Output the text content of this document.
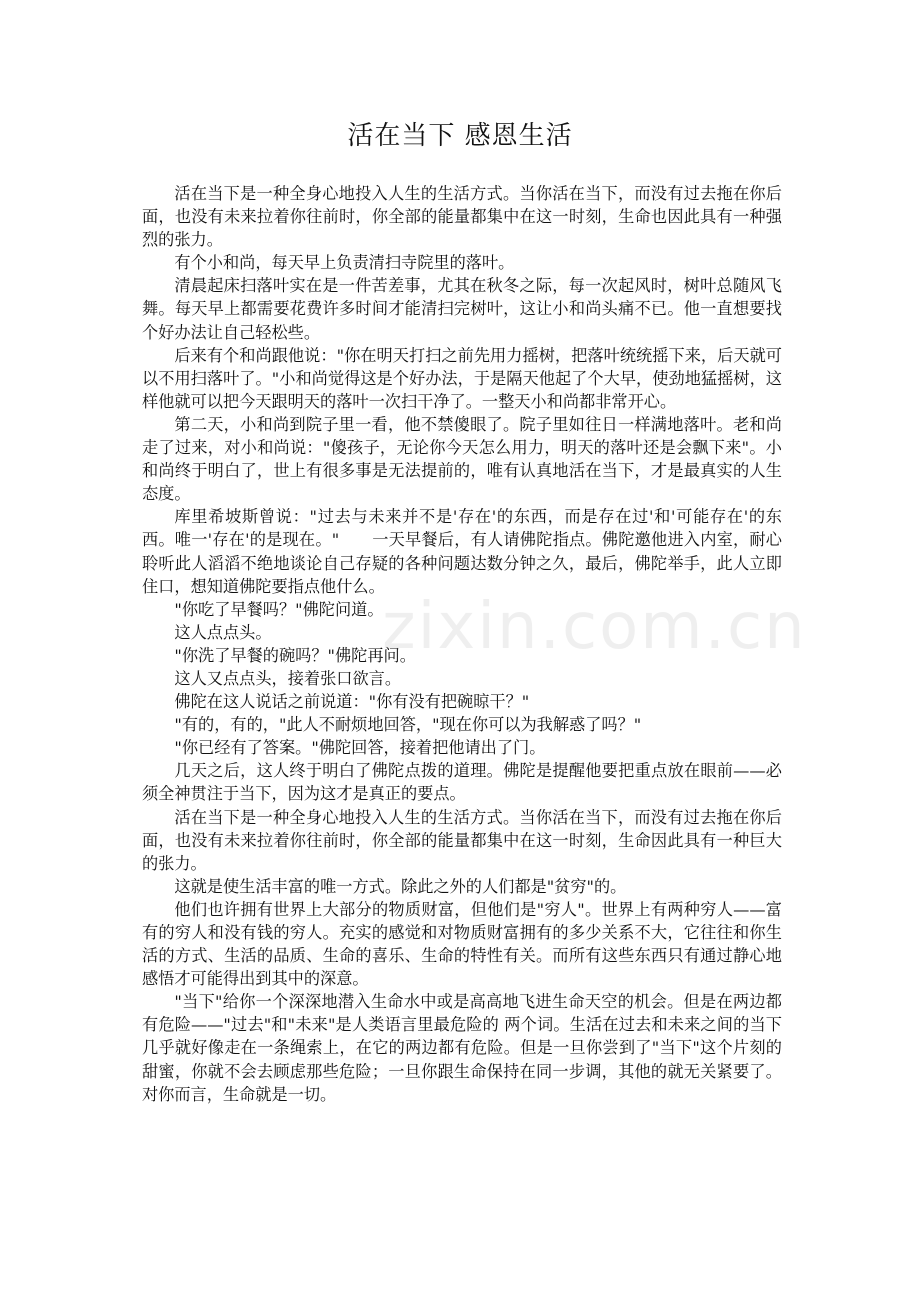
活在当下 感恩生活
zixin.com.cn

活在当下是一种全身心地投入人生的生活方式。当你活在当下，而没有过去拖在你后面，也没有未来拉着你往前时，你全部的能量都集中在这一时刻，生命也因此具有一种强烈的张力。

有个小和尚，每天早上负责清扫寺院里的落叶。

清晨起床扫落叶实在是一件苦差事，尤其在秋冬之际，每一次起风时，树叶总随风飞舞。每天早上都需要花费许多时间才能清扫完树叶，这让小和尚头痛不已。他一直想要找个好办法让自己轻松些。

后来有个和尚跟他说："你在明天打扫之前先用力摇树，把落叶统统摇下来，后天就可以不用扫落叶了。"小和尚觉得这是个好办法，于是隔天他起了个大早，使劲地猛摇树，这样他就可以把今天跟明天的落叶一次扫干净了。一整天小和尚都非常开心。

第二天，小和尚到院子里一看，他不禁傻眼了。院子里如往日一样满地落叶。老和尚走了过来，对小和尚说："傻孩子，无论你今天怎么用力，明天的落叶还是会飘下来"。小和尚终于明白了，世上有很多事是无法提前的，唯有认真地活在当下，才是最真实的人生态度。

库里希坡斯曾说："过去与未来并不是'存在'的东西，而是存在过'和'可能存在'的东西。唯一'存在'的是现在。"　　一天早餐后，有人请佛陀指点。佛陀邀他进入内室，耐心聆听此人滔滔不绝地谈论自己存疑的各种问题达数分钟之久，最后，佛陀举手，此人立即住口，想知道佛陀要指点他什么。

"你吃了早餐吗？"佛陀问道。

这人点点头。

"你洗了早餐的碗吗？"佛陀再问。

这人又点点头，接着张口欲言。

佛陀在这人说话之前说道："你有没有把碗晾干？"

"有的，有的，"此人不耐烦地回答，"现在你可以为我解惑了吗？"

"你已经有了答案。"佛陀回答，接着把他请出了门。

几天之后，这人终于明白了佛陀点拨的道理。佛陀是提醒他要把重点放在眼前——必须全神贯注于当下，因为这才是真正的要点。

活在当下是一种全身心地投入人生的生活方式。当你活在当下，而没有过去拖在你后面，也没有未来拉着你往前时，你全部的能量都集中在这一时刻，生命因此具有一种巨大的张力。

这就是使生活丰富的唯一方式。除此之外的人们都是"贫穷"的。

他们也许拥有世界上大部分的物质财富，但他们是"穷人"。世界上有两种穷人——富有的穷人和没有钱的穷人。充实的感觉和对物质财富拥有的多少关系不大，它往往和你生活的方式、生活的品质、生命的喜乐、生命的特性有关。而所有这些东西只有通过静心地感悟才可能得出到其中的深意。

"当下"给你一个深深地潜入生命水中或是高高地飞进生命天空的机会。但是在两边都有危险——"过去"和"未来"是人类语言里最危险的 两个词。生活在过去和未来之间的当下几乎就好像走在一条绳索上，在它的两边都有危险。但是一旦你尝到了"当下"这个片刻的甜蜜，你就不会去顾虑那些危险；一旦你跟生命保持在同一步调，其他的就无关紧要了。对你而言，生命就是一切。
